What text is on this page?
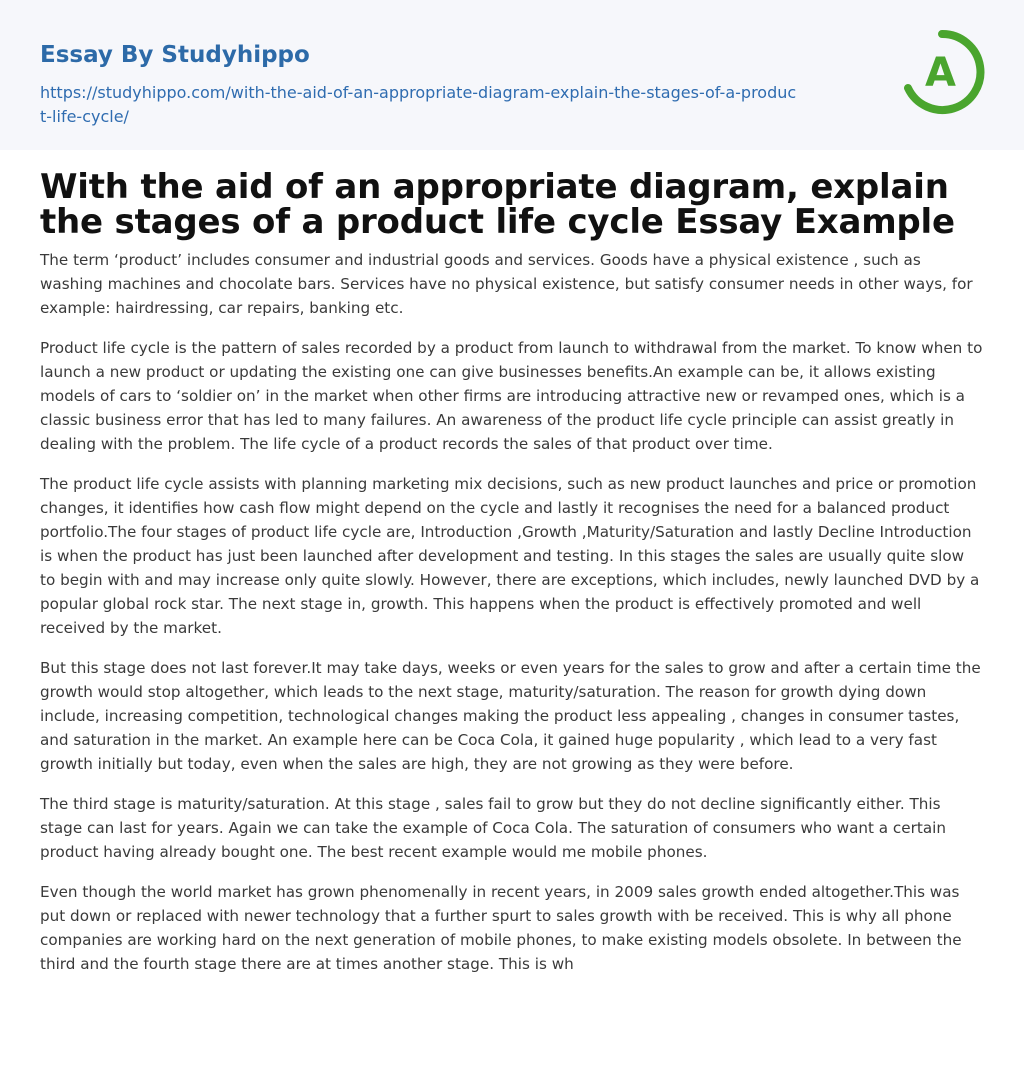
Essay By Studyhippo
https://studyhippo.com/with-the-aid-of-an-appropriate-diagram-explain-the-stages-of-a-product-life-cycle/
A
With the aid of an appropriate diagram, explain the stages of a product life cycle Essay Example

The term ‘product’ includes consumer and industrial goods and services. Goods have a physical existence , such as washing machines and chocolate bars. Services have no physical existence, but satisfy consumer needs in other ways, for example: hairdressing, car repairs, banking etc.

Product life cycle is the pattern of sales recorded by a product from launch to withdrawal from the market. To know when to launch a new product or updating the existing one can give businesses benefits.An example can be, it allows existing models of cars to ‘soldier on’ in the market when other firms are introducing attractive new or revamped ones, which is a classic business error that has led to many failures. An awareness of the product life cycle principle can assist greatly in dealing with the problem. The life cycle of a product records the sales of that product over time.

The product life cycle assists with planning marketing mix decisions, such as new product launches and price or promotion changes, it identifies how cash flow might depend on the cycle and lastly it recognises the need for a balanced product portfolio.The four stages of product life cycle are, Introduction ,Growth ,Maturity/Saturation and lastly Decline Introduction is when the product has just been launched after development and testing. In this stages the sales are usually quite slow to begin with and may increase only quite slowly. However, there are exceptions, which includes, newly launched DVD by a popular global rock star. The next stage in, growth. This happens when the product is effectively promoted and well received by the market.

But this stage does not last forever.It may take days, weeks or even years for the sales to grow and after a certain time the growth would stop altogether, which leads to the next stage, maturity/saturation. The reason for growth dying down include, increasing competition, technological changes making the product less appealing , changes in consumer tastes, and saturation in the market. An example here can be Coca Cola, it gained huge popularity , which lead to a very fast growth initially but today, even when the sales are high, they are not growing as they were before.

The third stage is maturity/saturation. At this stage , sales fail to grow but they do not decline significantly either. This stage can last for years. Again we can take the example of Coca Cola. The saturation of consumers who want a certain product having already bought one. The best recent example would me mobile phones.

Even though the world market has grown phenomenally in recent years, in 2009 sales growth ended altogether.This was put down or replaced with newer technology that a further spurt to sales growth with be received. This is why all phone companies are working hard on the next generation of mobile phones, to make existing models obsolete. In between the third and the fourth stage there are at times another stage. This is wh
